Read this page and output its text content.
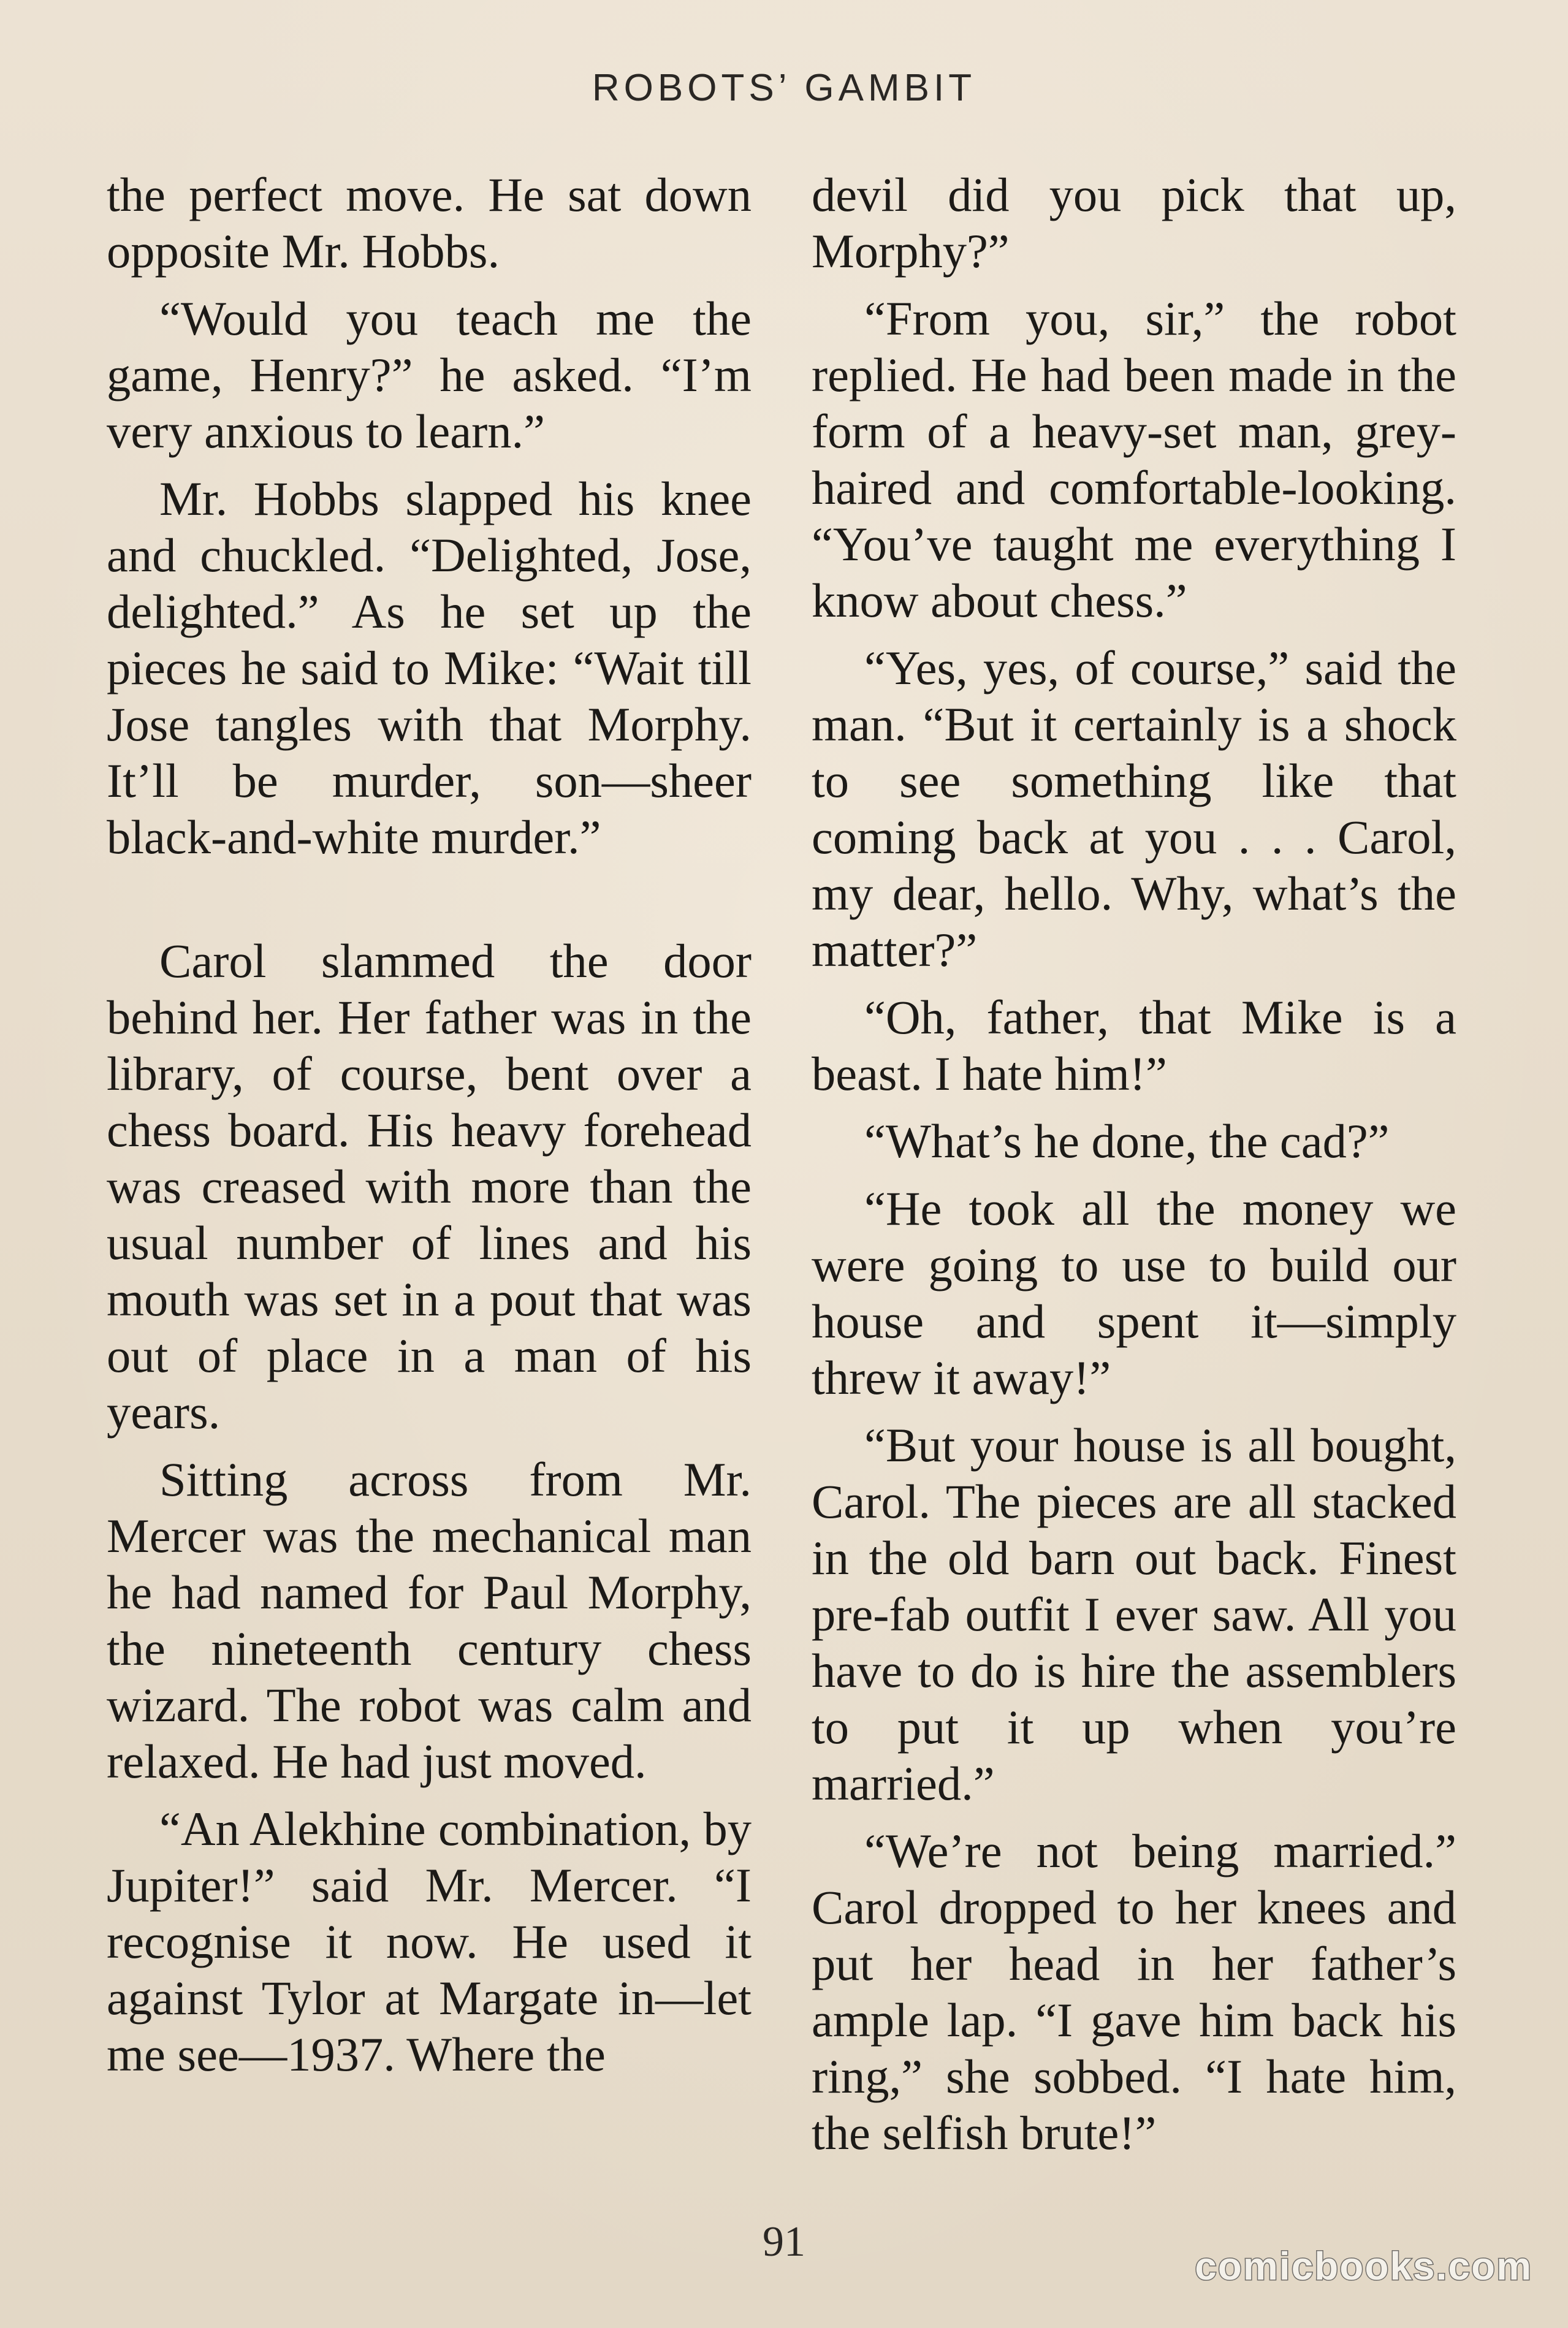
ROBOTS’ GAMBIT

the perfect move. He sat down opposite Mr. Hobbs.

“Would you teach me the game, Henry?” he asked. “I’m very anxious to learn.”

Mr. Hobbs slapped his knee and chuckled. “Delighted, Jose, delighted.” As he set up the pieces he said to Mike: “Wait till Jose tangles with that Morphy. It’ll be murder, son—sheer black-and-white murder.”

Carol slammed the door behind her. Her father was in the library, of course, bent over a chess board. His heavy forehead was creased with more than the usual number of lines and his mouth was set in a pout that was out of place in a man of his years.

Sitting across from Mr. Mercer was the mechanical man he had named for Paul Morphy, the nineteenth century chess wizard. The robot was calm and relaxed. He had just moved.

“An Alekhine combination, by Jupiter!” said Mr. Mercer. “I recognise it now. He used it against Tylor at Margate in—let me see—1937. Where the

devil did you pick that up, Morphy?”

“From you, sir,” the robot replied. He had been made in the form of a heavy-set man, grey-haired and comfortable-looking. “You’ve taught me everything I know about chess.”

“Yes, yes, of course,” said the man. “But it certainly is a shock to see something like that coming back at you . . . Carol, my dear, hello. Why, what’s the matter?”

“Oh, father, that Mike is a beast. I hate him!”

“What’s he done, the cad?”

“He took all the money we were going to use to build our house and spent it—simply threw it away!”

“But your house is all bought, Carol. The pieces are all stacked in the old barn out back. Finest pre-fab outfit I ever saw. All you have to do is hire the assemblers to put it up when you’re married.”

“We’re not being married.” Carol dropped to her knees and put her head in her father’s ample lap. “I gave him back his ring,” she sobbed. “I hate him, the selfish brute!”

91
comicbooks.com
